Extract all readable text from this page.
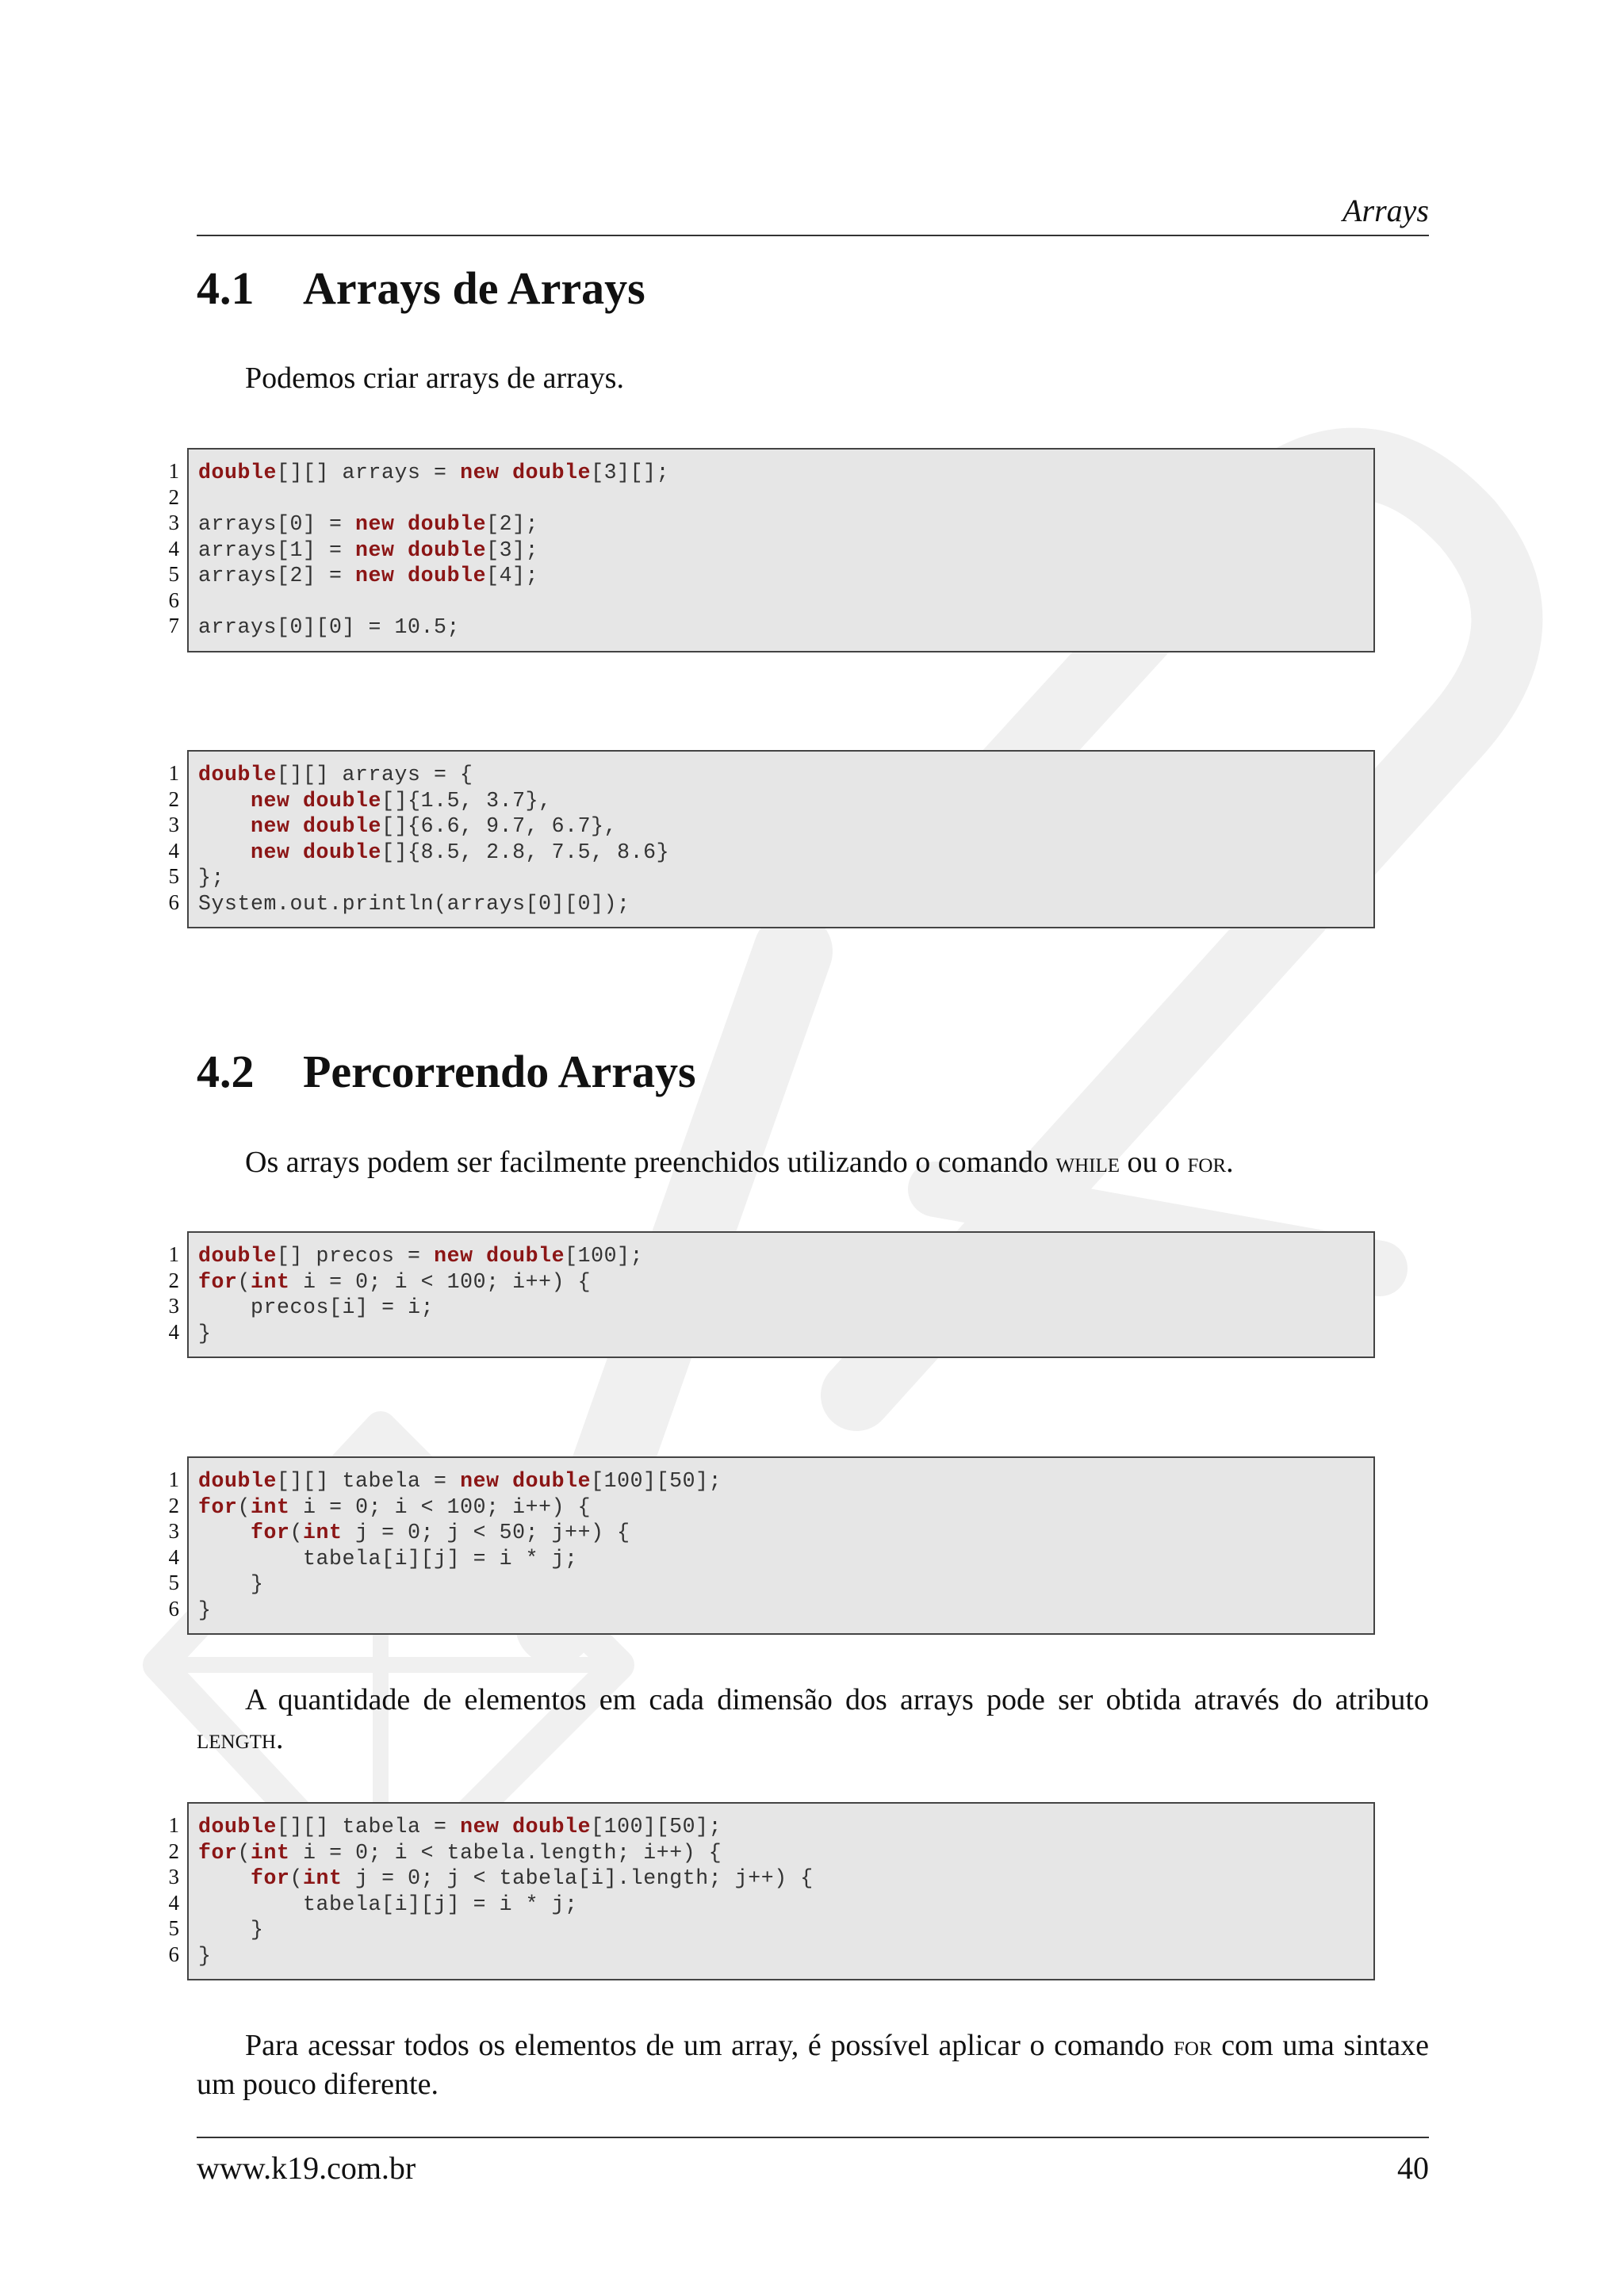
Arrays
4.1 Arrays de Arrays

Podemos criar arrays de arrays.

1
2
3
4
5
6
7
double[][] arrays = new double[3][];
arrays[0] = new double[2];
arrays[1] = new double[3];
arrays[2] = new double[4];
arrays[0][0] = 10.5;
1
2
3
4
5
6
double[][] arrays = {
new double[]{1.5, 3.7},
new double[]{6.6, 9.7, 6.7},
new double[]{8.5, 2.8, 7.5, 8.6}
};
System.out.println(arrays[0][0]);
4.2 Percorrendo Arrays

Os arrays podem ser facilmente preenchidos utilizando o comando while ou o for.

1
2
3
4
double[] precos = new double[100];
for(int i = 0; i < 100; i++) {
precos[i] = i;
}
1
2
3
4
5
6
double[][] tabela = new double[100][50];
for(int i = 0; i < 100; i++) {
for(int j = 0; j < 50; j++) {
tabela[i][j] = i * j;
}
}

A quantidade de elementos em cada dimensão dos arrays pode ser obtida através do atributo length.

1
2
3
4
5
6
double[][] tabela = new double[100][50];
for(int i = 0; i < tabela.length; i++) {
for(int j = 0; j < tabela[i].length; j++) {
tabela[i][j] = i * j;
}
}

Para acessar todos os elementos de um array, é possível aplicar o comando for com uma sintaxe um pouco diferente.

www.k19.com.br	40
